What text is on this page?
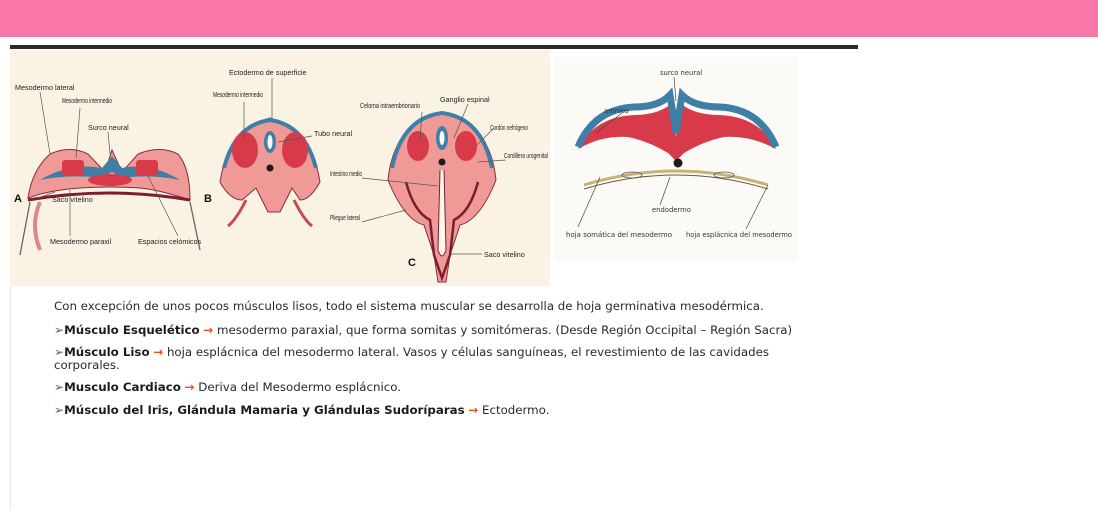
Ectodermo de superficie
Mesodermo lateral
Mesodermo intermedio
Surco neural
Saco vitelino
Mesodermo paraxil	Espacios celómicos
Mesodermo intermedio
Tubo neural
Celoma intraembrionario
Ganglio espinal
Cordón nefrógeno
Cordillera urogenital
Intestino medio
Pliegue lateral
Saco vitelino
A	B
C
surco neural
amnios
endodermo
hoja somática del mesodermo hoja esplácnica del mesodermo

Con excepción de unos pocos músculos lisos, todo el sistema muscular se desarrolla de hoja germinativa mesodérmica.

➢Músculo Esquelético → mesodermo paraxial, que forma somitas y somitómeras. (Desde Región Occipital – Región Sacra)

➢Músculo Liso → hoja esplácnica del mesodermo lateral. Vasos y células sanguíneas, el revestimiento de las cavidades corporales.

➢Musculo Cardiaco → Deriva del Mesodermo esplácnico.

➢Músculo del Iris, Glándula Mamaria y Glándulas Sudoríparas → Ectodermo.
